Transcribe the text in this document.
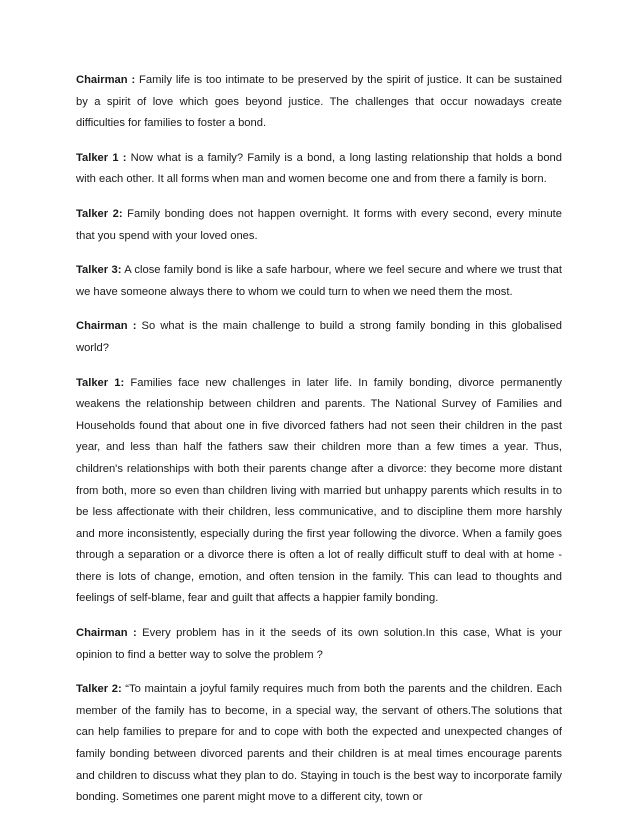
Chairman : Family life is too intimate to be preserved by the spirit of justice. It can be sustained by a spirit of love which goes beyond justice. The challenges that occur nowadays create difficulties for families to foster a bond.

Talker 1 : Now what is a family? Family is a bond, a long lasting relationship that holds a bond with each other. It all forms when man and women become one and from there a family is born.

Talker 2: Family bonding does not happen overnight. It forms with every second, every minute that you spend with your loved ones.

Talker 3: A close family bond is like a safe harbour, where we feel secure and where we trust that we have someone always there to whom we could turn to when we need them the most.

Chairman : So what is the main challenge to build a strong family bonding in this globalised world?

Talker 1: Families face new challenges in later life. In family bonding, divorce permanently weakens the relationship between children and parents. The National Survey of Families and Households found that about one in five divorced fathers had not seen their children in the past year, and less than half the fathers saw their children more than a few times a year. Thus, children's relationships with both their parents change after a divorce: they become more distant from both, more so even than children living with married but unhappy parents which results in to be less affectionate with their children, less communicative, and to discipline them more harshly and more inconsistently, especially during the first year following the divorce. When a family goes through a separation or a divorce there is often a lot of really difficult stuff to deal with at home - there is lots of change, emotion, and often tension in the family. This can lead to thoughts and feelings of self-blame, fear and guilt that affects a happier family bonding.

Chairman : Every problem has in it the seeds of its own solution.In this case, What is your opinion to find a better way to solve the problem ?

Talker 2: “To maintain a joyful family requires much from both the parents and the children. Each member of the family has to become, in a special way, the servant of others.The solutions that can help families to prepare for and to cope with both the expected and unexpected changes of family bonding between divorced parents and their children is at meal times encourage parents and children to discuss what they plan to do. Staying in touch is the best way to incorporate family bonding. Sometimes one parent might move to a different city, town or
